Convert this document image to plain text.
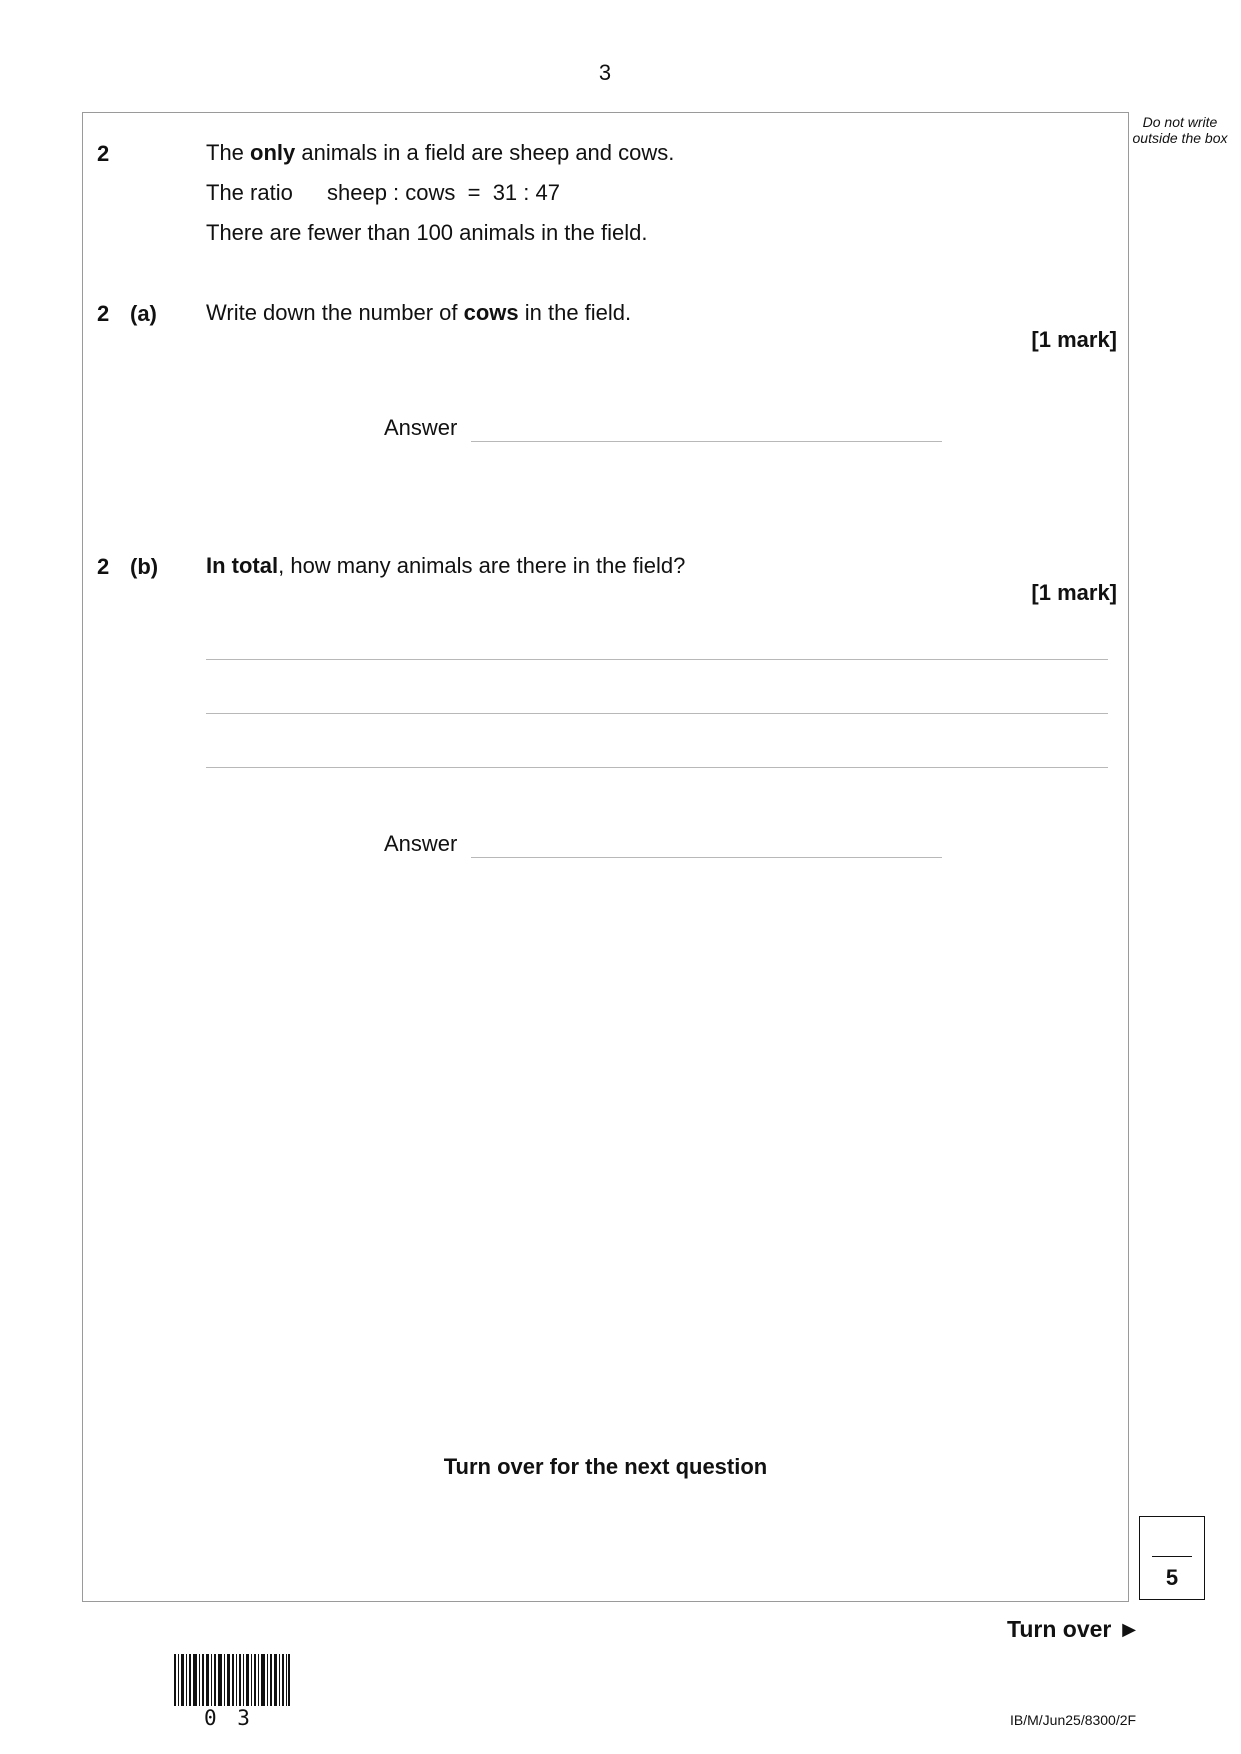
3
Do not write outside the box
2	The only animals in a field are sheep and cows.
The ratio sheep : cows  =  31 : 47
There are fewer than 100 animals in the field.
2 (a) Write down the number of cows in the field.
[1 mark]
Answer
2 (b) In total, how many animals are there in the field?
[1 mark]
Answer
Turn over for the next question
5
Turn over ►
0 3	IB/M/Jun25/8300/2F
